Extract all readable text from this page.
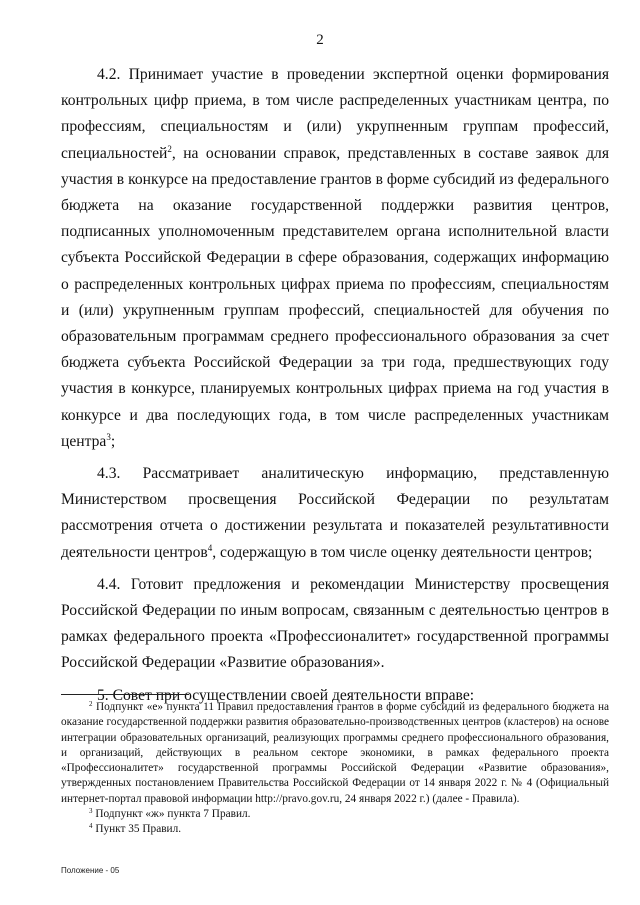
2

4.2. Принимает участие в проведении экспертной оценки формирования контрольных цифр приема, в том числе распределенных участникам центра, по профессиям, специальностям и (или) укрупненным группам профессий, специальностей$^2$, на основании справок, представленных в составе заявок для участия в конкурсе на предоставление грантов в форме субсидий из федерального бюджета на оказание государственной поддержки развития центров, подписанных уполномоченным представителем органа исполнительной власти субъекта Российской Федерации в сфере образования, содержащих информацию о распределенных контрольных цифрах приема по профессиям, специальностям и (или) укрупненным группам профессий, специальностей для обучения по образовательным программам среднего профессионального образования за счет бюджета субъекта Российской Федерации за три года, предшествующих году участия в конкурсе, планируемых контрольных цифрах приема на год участия в конкурсе и два последующих года, в том числе распределенных участникам центра$^3$;

4.3. Рассматривает аналитическую информацию, представленную Министерством просвещения Российской Федерации по результатам рассмотрения отчета о достижении результата и показателей результативности деятельности центров$^4$, содержащую в том числе оценку деятельности центров;

4.4. Готовит предложения и рекомендации Министерству просвещения Российской Федерации по иным вопросам, связанным с деятельностью центров в рамках федерального проекта «Профессионалитет» государственной программы Российской Федерации «Развитие образования».

5. Совет при осуществлении своей деятельности вправе:

$^2$ Подпункт «е» пункта 11 Правил предоставления грантов в форме субсидий из федерального бюджета на оказание государственной поддержки развития образовательно-производственных центров (кластеров) на основе интеграции образовательных организаций, реализующих программы среднего профессионального образования, и организаций, действующих в реальном секторе экономики, в рамках федерального проекта «Профессионалитет» государственной программы Российской Федерации «Развитие образования», утвержденных постановлением Правительства Российской Федерации от 14 января 2022 г. № 4 (Официальный интернет-портал правовой информации http://pravo.gov.ru, 24 января 2022 г.) (далее - Правила).

$^3$ Подпункт «ж» пункта 7 Правил.

$^4$ Пункт 35 Правил.

Положение - 05
